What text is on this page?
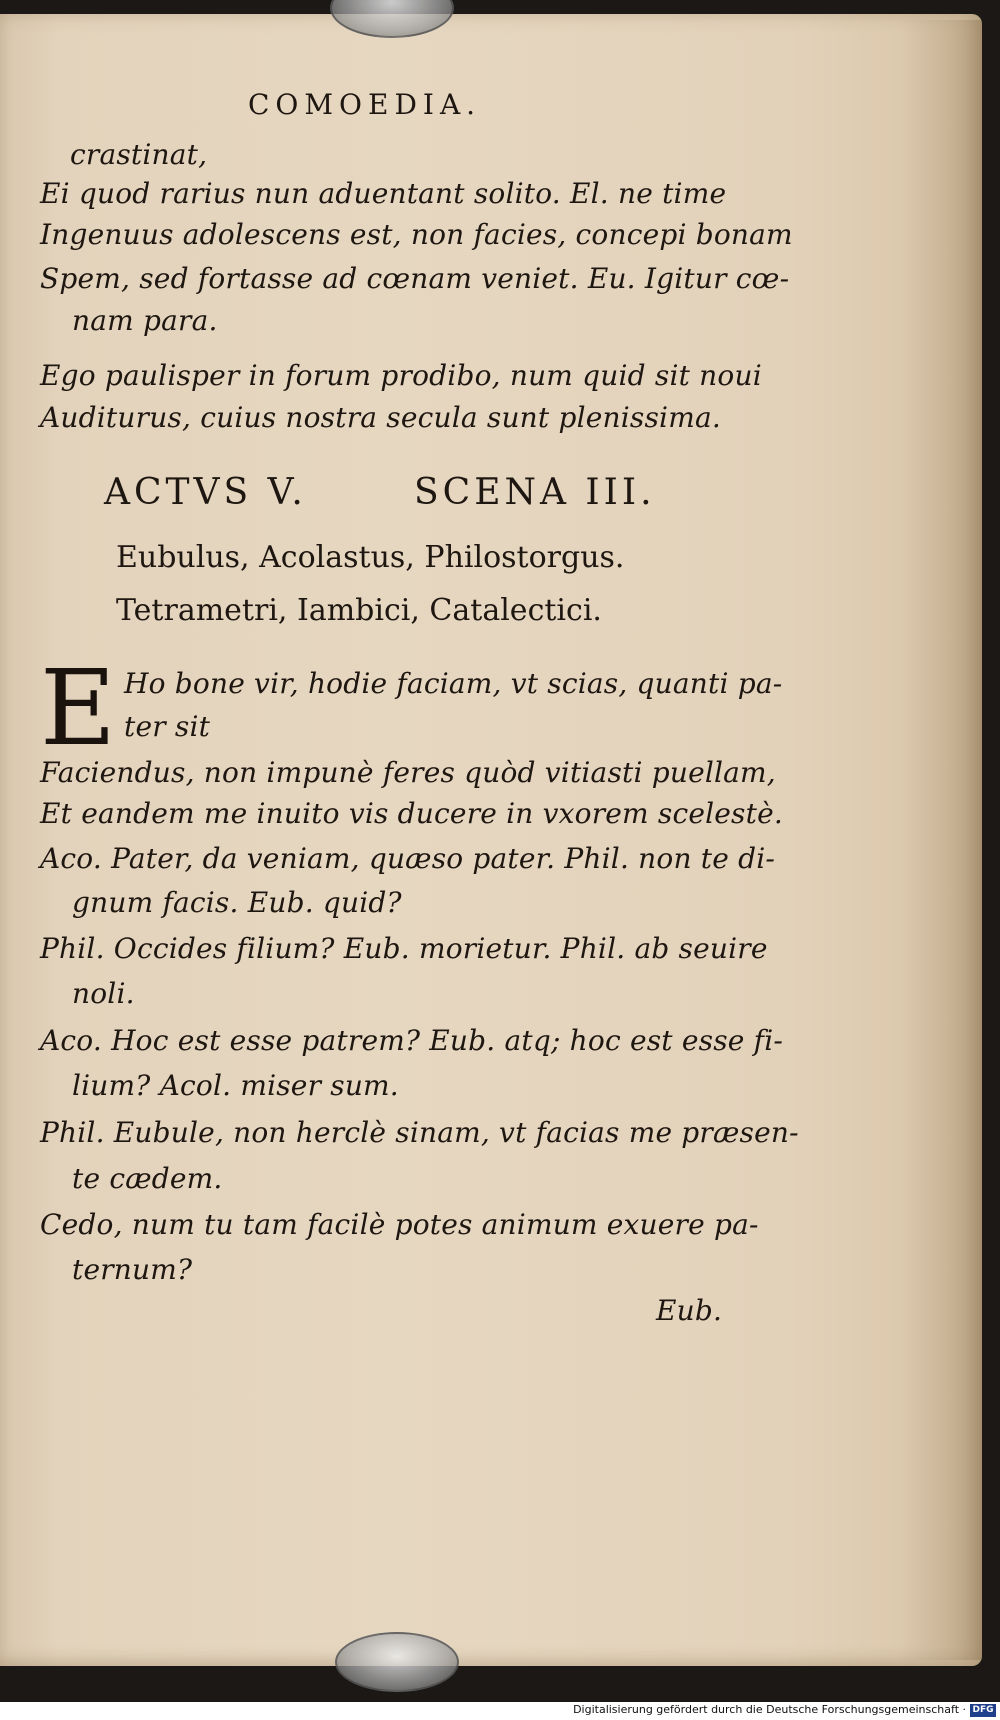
COMOEDIA.
crastinat,
Ei quod rarius nun aduentant solito. El. ne time
Ingenuus adolescens est, non facies, concepi bonam
Spem, sed fortasse ad cœnam veniet. Eu. Igitur cœ-
nam para.
Ego paulisper in forum prodibo, num quid sit noui
Auditurus, cuius nostra secula sunt plenissima.
ACTVS V.	SCENA III.
Eubulus, Acolastus, Philostorgus.
Tetrametri, Iambici, Catalectici.
E Ho bone vir, hodie faciam, vt scias, quanti pa-
ter sit
Faciendus, non impunè feres quòd vitiasti puellam,
Et eandem me inuito vis ducere in vxorem scelestè.
Aco. Pater, da veniam, quæso pater. Phil. non te di-
gnum facis. Eub. quid?
Phil. Occides filium? Eub. morietur. Phil. ab seuire
noli.
Aco. Hoc est esse patrem? Eub. atq; hoc est esse fi-
lium? Acol. miser sum.
Phil. Eubule, non herclè sinam, vt facias me præsen-
te cædem.
Cedo, num tu tam facilè potes animum exuere pa-
ternum?
Eub.
Digitalisierung gefördert durch die Deutsche Forschungsgemeinschaft · DFG
